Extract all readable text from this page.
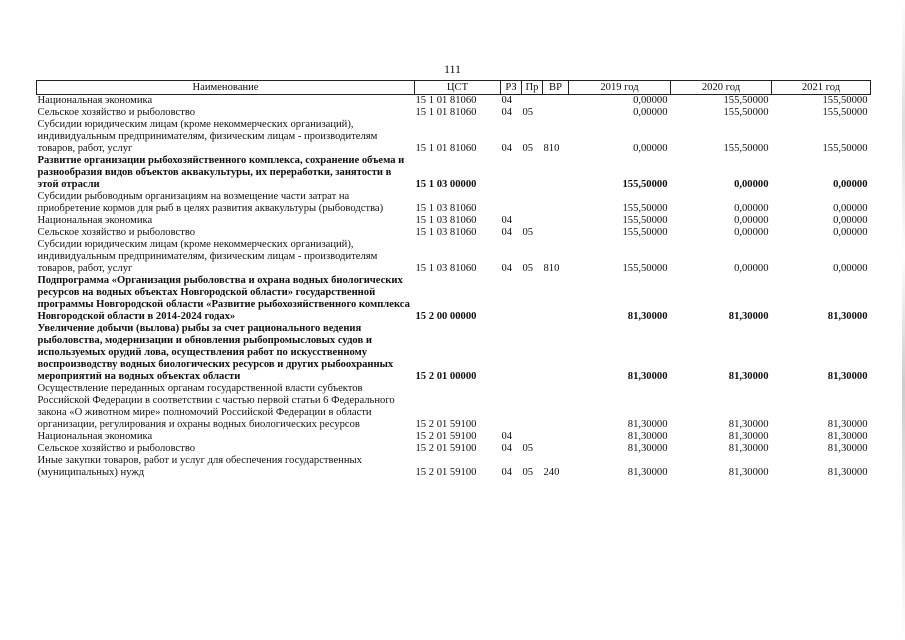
111
Наименование	ЦСТ	РЗ	Пр	ВР	2019 год	2020 год	2021 год
Национальная экономика	15 1 01 81060	04			0,00000	155,50000	155,50000
Сельское хозяйство и рыболовство	15 1 01 81060	04	05		0,00000	155,50000	155,50000
Субсидии юридическим лицам (кроме некоммерческих организаций), индивидуальным предпринимателям, физическим лицам - производителям товаров, работ, услуг	15 1 01 81060	04	05	810	0,00000	155,50000	155,50000
Развитие организации рыбохозяйственного комплекса, сохранение объема и разнообразия видов объектов аквакультуры, их переработки, занятости в этой отрасли	15 1 03 00000				155,50000	0,00000	0,00000
Субсидии рыбоводным организациям на возмещение части затрат на приобретение кормов для рыб в целях развития аквакультуры (рыбоводства)	15 1 03 81060				155,50000	0,00000	0,00000
Национальная экономика	15 1 03 81060	04			155,50000	0,00000	0,00000
Сельское хозяйство и рыболовство	15 1 03 81060	04	05		155,50000	0,00000	0,00000
Субсидии юридическим лицам (кроме некоммерческих организаций), индивидуальным предпринимателям, физическим лицам - производителям товаров, работ, услуг	15 1 03 81060	04	05	810	155,50000	0,00000	0,00000
Подпрограмма «Организация рыболовства и охрана водных биологических ресурсов на водных объектах Новгородской области» государственной программы Новгородской области «Развитие рыбохозяйственного комплекса Новгородской области в 2014-2024 годах»	15 2 00 00000				81,30000	81,30000	81,30000
Увеличение добычи (вылова) рыбы за счет рационального ведения рыболовства, модернизации и обновления рыбопромысловых судов и используемых орудий лова, осуществления работ по искусственному воспроизводству водных биологических ресурсов и других рыбоохранных мероприятий на водных объектах области	15 2 01 00000				81,30000	81,30000	81,30000
Осуществление переданных органам государственной власти субъектов Российской Федерации в соответствии с частью первой статьи 6 Федерального закона «О животном мире» полномочий Российской Федерации в области организации, регулирования и охраны водных биологических ресурсов	15 2 01 59100				81,30000	81,30000	81,30000
Национальная экономика	15 2 01 59100	04			81,30000	81,30000	81,30000
Сельское хозяйство и рыболовство	15 2 01 59100	04	05		81,30000	81,30000	81,30000
Иные закупки товаров, работ и услуг для обеспечения государственных (муниципальных) нужд	15 2 01 59100	04	05	240	81,30000	81,30000	81,30000
